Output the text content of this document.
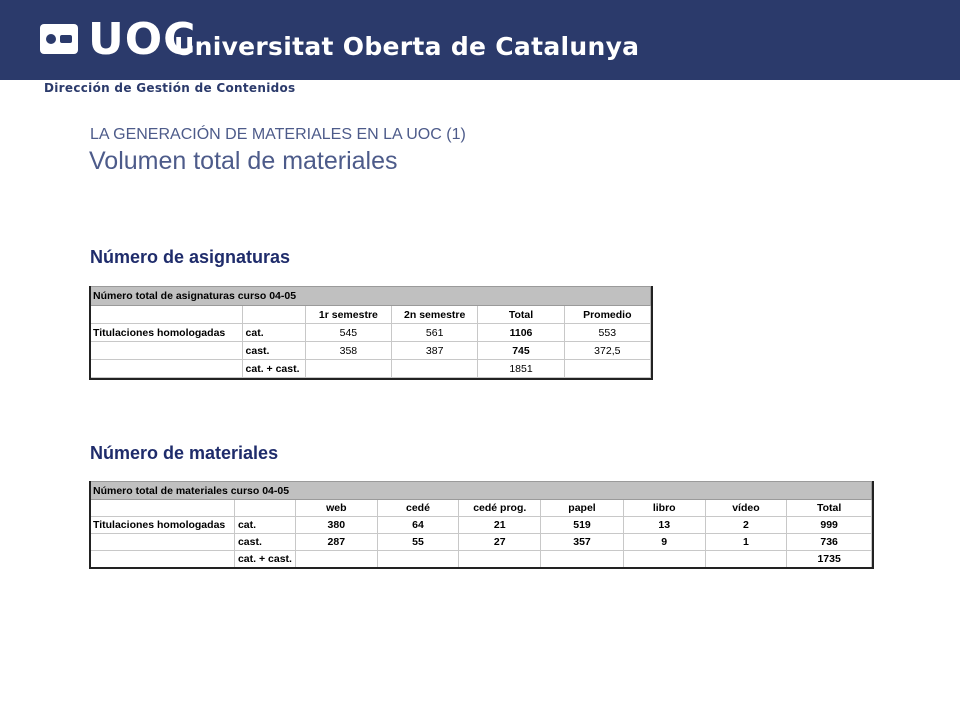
UOC
Universitat Oberta de Catalunya
Dirección de Gestión de Contenidos
LA GENERACIÓN DE MATERIALES EN LA UOC (1)
Volumen total de materiales
Número de asignaturas
Número total de asignaturas curso 04-05					
		1r semestre	2n semestre	Total	Promedio
Titulaciones homologadas	cat.	545	561	1106	553
	cast.	358	387	745	372,5
	cat. + cast.			1851	
Número de materiales
Número total de materiales curso 04-05								
		web	cedé	cedé prog.	papel	libro	vídeo	Total
Titulaciones homologadas	cat.	380	64	21	519	13	2	999
	cast.	287	55	27	357	9	1	736
	cat. + cast.							1735
